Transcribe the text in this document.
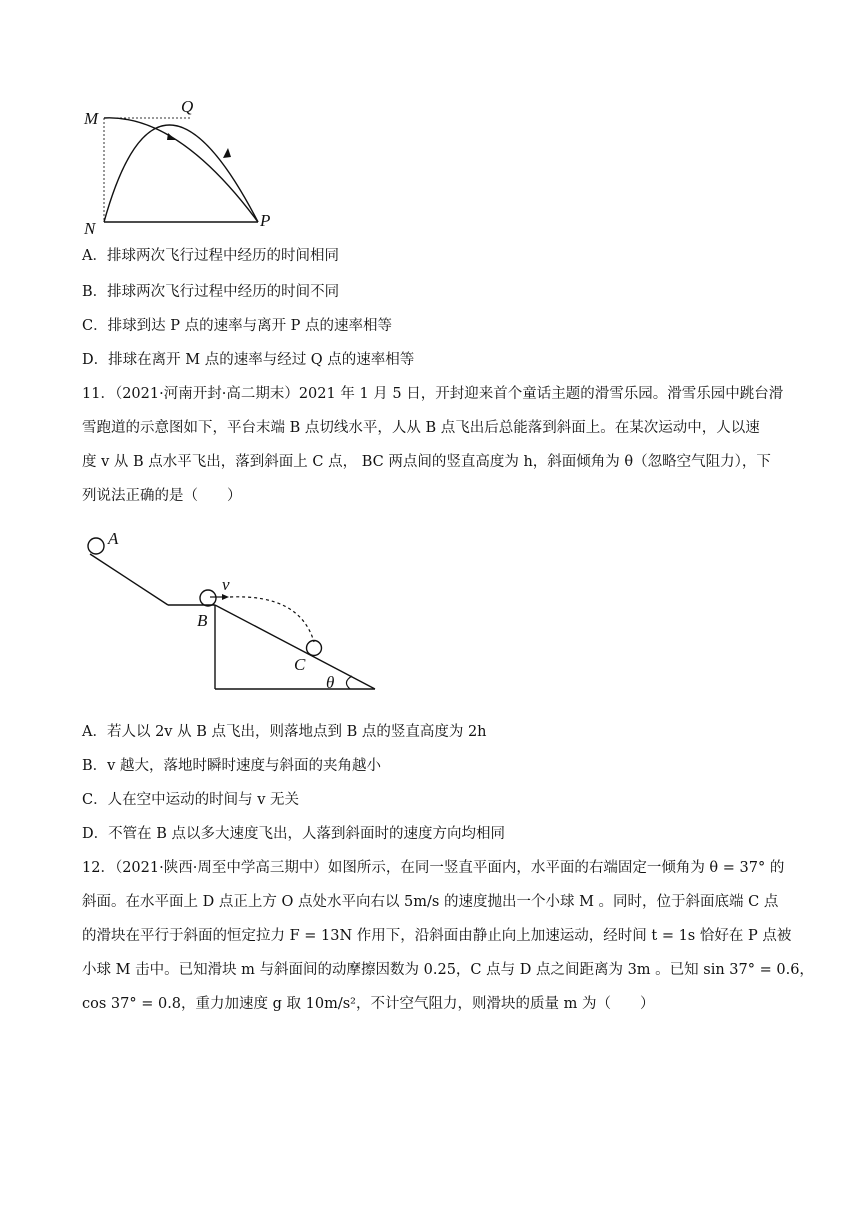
M
Q
N	P
A．排球两次飞行过程中经历的时间相同
B．排球两次飞行过程中经历的时间不同
C．排球到达 P 点的速率与离开 P 点的速率相等
D．排球在离开 M 点的速率与经过 Q 点的速率相等
11．（2021·河南开封·高二期末）2021 年 1 月 5 日，开封迎来首个童话主题的滑雪乐园。滑雪乐园中跳台滑
雪跑道的示意图如下，平台末端 B 点切线水平，人从 B 点飞出后总能落到斜面上。在某次运动中，人以速
度 v 从 B 点水平飞出，落到斜面上 C 点， BC 两点间的竖直高度为 h，斜面倾角为 θ（忽略空气阻力），下
列说法正确的是（　　）
A
v
B
C
θ
A．若人以 2v 从 B 点飞出，则落地点到 B 点的竖直高度为 2h
B．v 越大，落地时瞬时速度与斜面的夹角越小
C．人在空中运动的时间与 v 无关
D．不管在 B 点以多大速度飞出，人落到斜面时的速度方向均相同
12．（2021·陕西·周至中学高三期中）如图所示，在同一竖直平面内，水平面的右端固定一倾角为 θ = 37° 的
斜面。在水平面上 D 点正上方 O 点处水平向右以 5m/s 的速度抛出一个小球 M 。同时，位于斜面底端 C 点
的滑块在平行于斜面的恒定拉力 F = 13N 作用下，沿斜面由静止向上加速运动，经时间 t = 1s 恰好在 P 点被
小球 M 击中。已知滑块 m 与斜面间的动摩擦因数为 0.25，C 点与 D 点之间距离为 3m 。已知 sin 37° = 0.6，
cos 37° = 0.8，重力加速度 g 取 10m/s²，不计空气阻力，则滑块的质量 m 为（　　）
